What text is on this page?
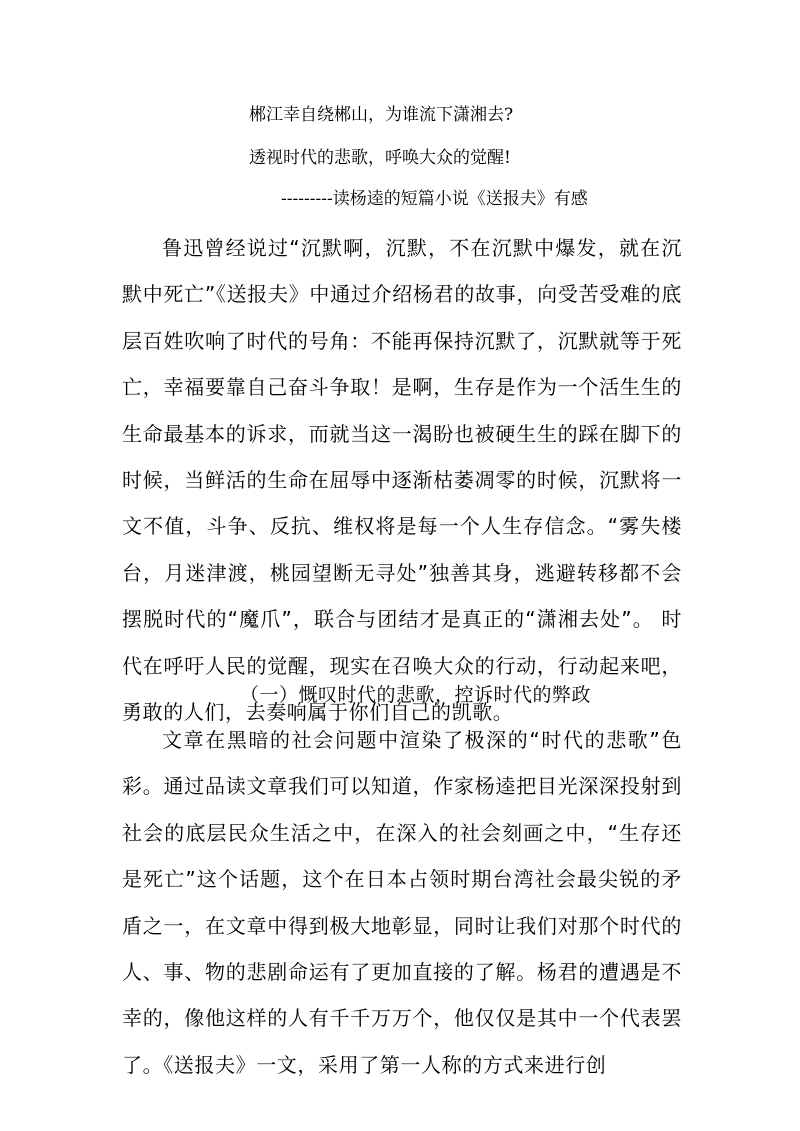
郴江幸自绕郴山，为谁流下潇湘去?
透视时代的悲歌，呼唤大众的觉醒!
---------读杨逵的短篇小说《送报夫》有感

鲁迅曾经说过“沉默啊，沉默，不在沉默中爆发，就在沉默中死亡”《送报夫》中通过介绍杨君的故事，向受苦受难的底层百姓吹响了时代的号角：不能再保持沉默了，沉默就等于死亡，幸福要靠自己奋斗争取！是啊，生存是作为一个活生生的生命最基本的诉求，而就当这一渴盼也被硬生生的踩在脚下的时候，当鲜活的生命在屈辱中逐渐枯萎凋零的时候，沉默将一文不值，斗争、反抗、维权将是每一个人生存信念。“雾失楼台，月迷津渡，桃园望断无寻处”独善其身，逃避转移都不会摆脱时代的“魔爪”，联合与团结才是真正的“潇湘去处”。 时代在呼吁人民的觉醒，现实在召唤大众的行动，行动起来吧，勇敢的人们，去奏响属于你们自己的凯歌。

（一）慨叹时代的悲歌，控诉时代的弊政

文章在黑暗的社会问题中渲染了极深的“时代的悲歌”色彩。通过品读文章我们可以知道，作家杨逵把目光深深投射到社会的底层民众生活之中，在深入的社会刻画之中，“生存还是死亡”这个话题，这个在日本占领时期台湾社会最尖锐的矛盾之一，在文章中得到极大地彰显，同时让我们对那个时代的人、事、物的悲剧命运有了更加直接的了解。杨君的遭遇是不幸的，像他这样的人有千千万万个，他仅仅是其中一个代表罢了。《送报夫》一文，采用了第一人称的方式来进行创
